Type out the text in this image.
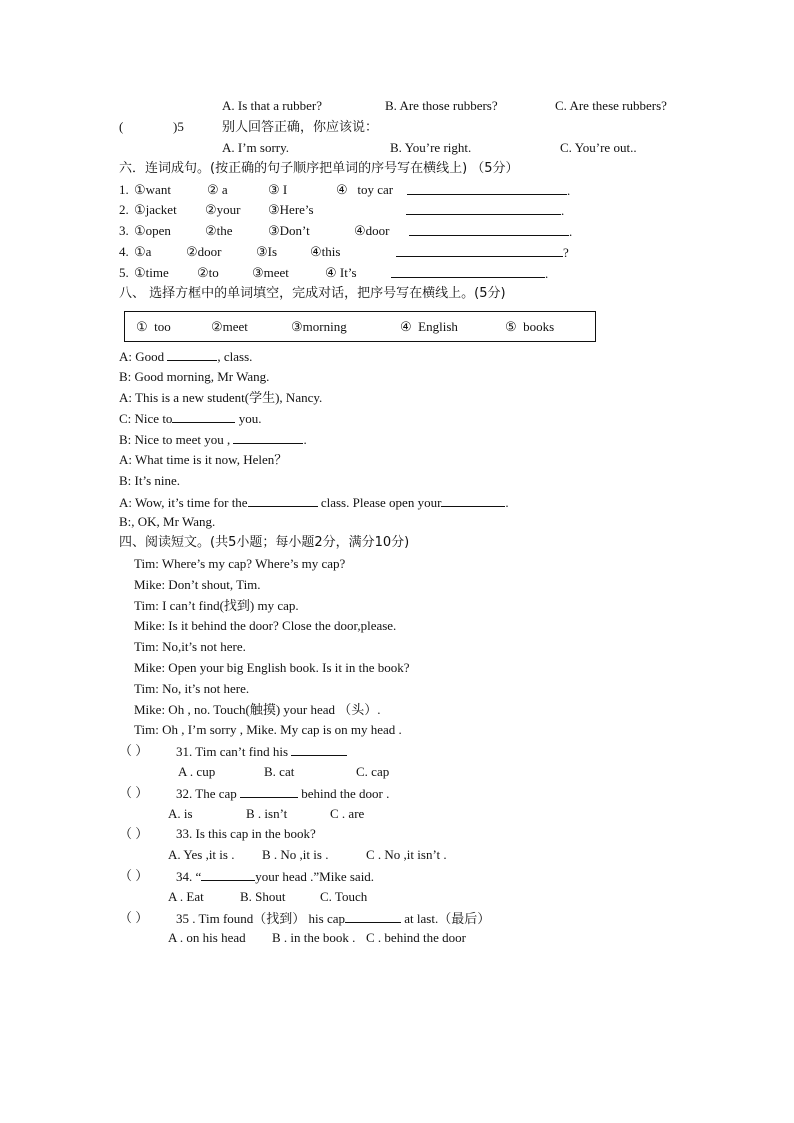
A. Is that a rubber?	B. Are those rubbers?	C. Are these rubbers?
(	)5	别人回答正确，你应该说：
A. I’m sorry.	B. You’re right.	C. You’re out..
六．连词成句。(按正确的句子顺序把单词的序号写在横线上) （5分）
1. ①want	② a	③ I	④ toy car	.
2. ①jacket ②your ③Here’s	.
3. ①open	②the	③Don’t	④door	.
4. ①a	②door	③Is	④this	?
5. ①time ②to	③meet	④ It’s	.
八、 选择方框中的单词填空，完成对话，把序号写在横线上。(5分)
① too	②meet	③morning	④ English	⑤ books
A: Good	, class.
B: Good morning, Mr Wang.
A: This is a new student(学生), Nancy.
C: Nice to	you.
B: Nice to meet you ,	.
A: What time is it now, Helen？
B: It’s nine.
A: Wow, it’s time for the	class. Please open your	.
B:, OK, Mr Wang.
四、阅读短文。(共5小题；每小题2分，满分10分)
Tim: Where’s my cap? Where’s my cap?
Mike: Don’t shout, Tim.
Tim: I can’t find(找到) my cap.
Mike: Is it behind the door? Close the door,please.
Tim: No,it’s not here.
Mike: Open your big English book. Is it in the book?
Tim: No, it’s not here.
Mike: Oh , no. Touch(触摸) your head （头）.
Tim: Oh , I’m sorry , Mike. My cap is on my head .
（ ） 31. Tim can’t find his
A . cup	B. cat	C. cap
（ ） 32. The cap	behind the door .
A. is	B . isn’t	C . are
（ ） 33. Is this cap in the book?
A. Yes ,it is . B . No ,it is .	C . No ,it isn’t .
（ ） 34. “	your head .”Mike said.
A . Eat	B. Shout	C. Touch
（ ） 35 . Tim found（找到） his cap	at last.（最后）
A . on his head B . in the book . C . behind the door
